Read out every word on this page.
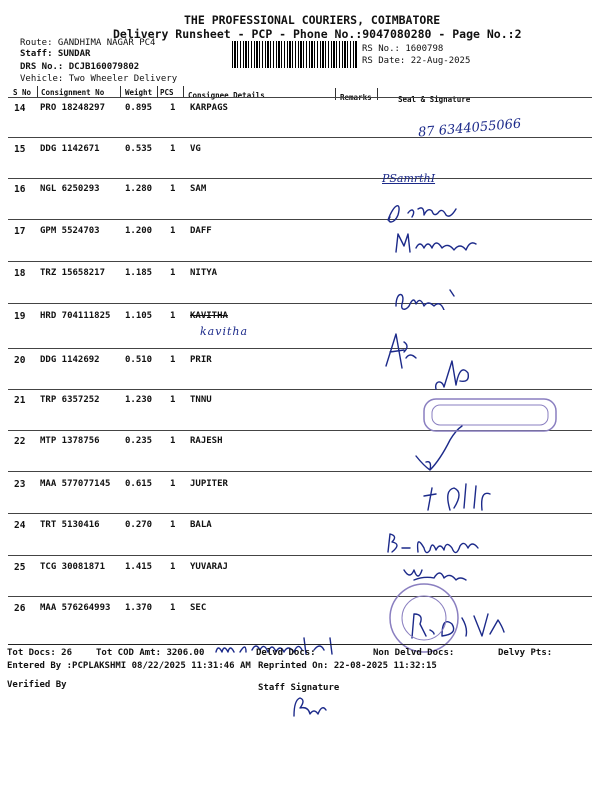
THE PROFESSIONAL COURIERS, COIMBATORE
Delivery Runsheet - PCP - Phone No.:9047080280 - Page No.:2
Route: GANDHIMA NAGAR PC4
Staff: SUNDAR
DRS No.: DCJB160079802
Vehicle: Two Wheeler Delivery
RS No.: 1600798
RS Date: 22-Aug-2025
S No Consignment No	Weight PCS Consignee Details	Remarks	Seal & Signature
14 PRO 18248297 0.895 1 KARPAGS
15 DDG 1142671	0.535 1 VG
16 NGL 6250293	1.280 1 SAM
17 GPM 5524703	1.200 1 DAFF
18 TRZ 15658217 1.185 1 NITYA
19 HRD 704111825 1.105 1 KAVITHA
20 DDG 1142692	0.510 1 PRIR
21 TRP 6357252	1.230 1 TNNU
22 MTP 1378756	0.235 1 RAJESH
23 MAA 577077145 0.615 1 JUPITER
24 TRT 5130416	0.270 1 BALA
25 TCG 30081871 1.415 1 YUVARAJ
26 MAA 576264993 1.370 1 SEC
87 6344055066
PSamrthI
kavitha
Tot Docs: 26	Tot COD Amt: 3206.00	Delvd Docs:	Non Delvd Docs:	Delvy Pts:
Entered By :PCPLAKSHMI 08/22/2025 11:31:46 AM Reprinted On: 22-08-2025 11:32:15
Verified By	Staff Signature
